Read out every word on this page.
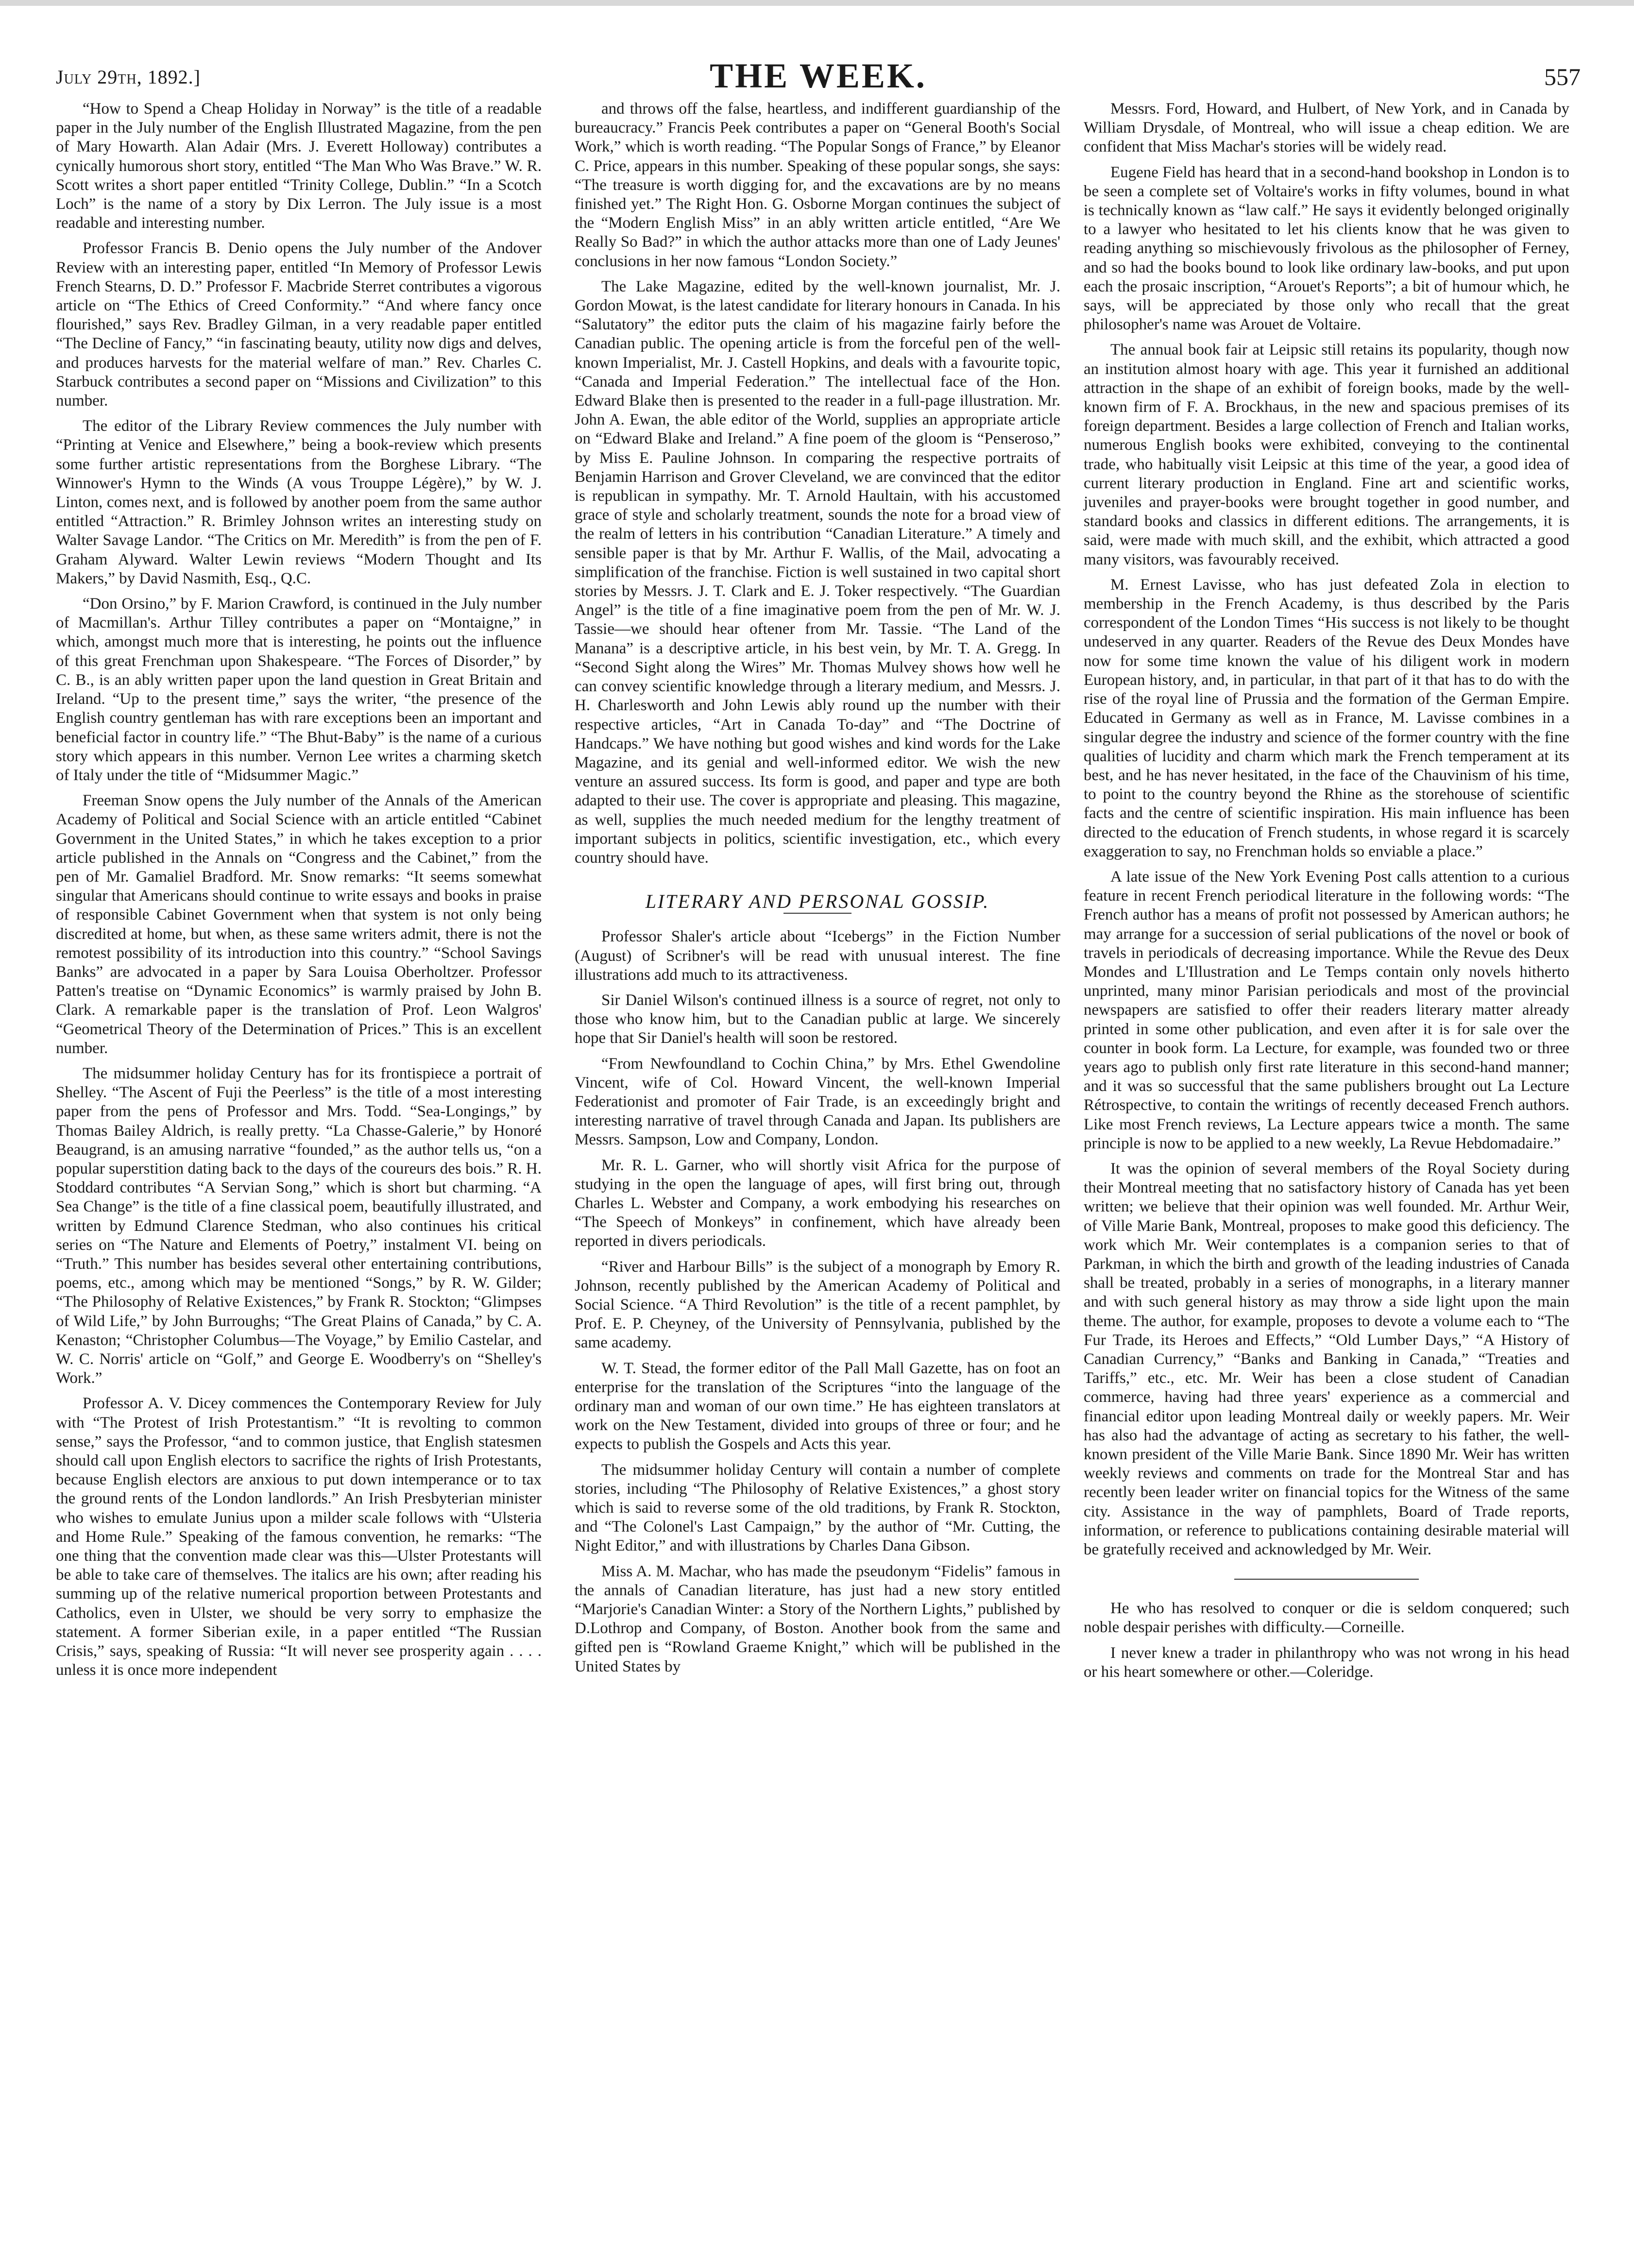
July 29th, 1892.]	THE WEEK.	557

“How to Spend a Cheap Holiday in Norway” is the title of a readable paper in the July number of the English Illustrated Magazine, from the pen of Mary Howarth. Alan Adair (Mrs. J. Everett Holloway) contributes a cynically humorous short story, entitled “The Man Who Was Brave.” W. R. Scott writes a short paper entitled “Trinity College, Dublin.” “In a Scotch Loch” is the name of a story by Dix Lerron. The July issue is a most readable and interesting number.

Professor Francis B. Denio opens the July number of the Andover Review with an interesting paper, entitled “In Memory of Professor Lewis French Stearns, D. D.” Professor F. Macbride Sterret contributes a vigorous article on “The Ethics of Creed Conformity.” “And where fancy once flourished,” says Rev. Bradley Gilman, in a very readable paper entitled “The Decline of Fancy,” “in fascinating beauty, utility now digs and delves, and produces harvests for the material welfare of man.” Rev. Charles C. Starbuck contributes a second paper on “Missions and Civilization” to this number.

The editor of the Library Review commences the July number with “Printing at Venice and Elsewhere,” being a book-review which presents some further artistic representations from the Borghese Library. “The Winnower's Hymn to the Winds (A vous Trouppe Légère),” by W. J. Linton, comes next, and is followed by another poem from the same author entitled “Attraction.” R. Brimley Johnson writes an interesting study on Walter Savage Landor. “The Critics on Mr. Meredith” is from the pen of F. Graham Alyward. Walter Lewin reviews “Modern Thought and Its Makers,” by David Nasmith, Esq., Q.C.

“Don Orsino,” by F. Marion Crawford, is continued in the July number of Macmillan's. Arthur Tilley contributes a paper on “Montaigne,” in which, amongst much more that is interesting, he points out the influence of this great Frenchman upon Shakespeare. “The Forces of Disorder,” by C. B., is an ably written paper upon the land question in Great Britain and Ireland. “Up to the present time,” says the writer, “the presence of the English country gentleman has with rare exceptions been an important and beneficial factor in country life.” “The Bhut-Baby” is the name of a curious story which appears in this number. Vernon Lee writes a charming sketch of Italy under the title of “Midsummer Magic.”

Freeman Snow opens the July number of the Annals of the American Academy of Political and Social Science with an article entitled “Cabinet Government in the United States,” in which he takes exception to a prior article published in the Annals on “Congress and the Cabinet,” from the pen of Mr. Gamaliel Bradford. Mr. Snow remarks: “It seems somewhat singular that Americans should continue to write essays and books in praise of responsible Cabinet Government when that system is not only being discredited at home, but when, as these same writers admit, there is not the remotest possibility of its introduction into this country.” “School Savings Banks” are advocated in a paper by Sara Louisa Oberholtzer. Professor Patten's treatise on “Dynamic Economics” is warmly praised by John B. Clark. A remarkable paper is the translation of Prof. Leon Walgros' “Geometrical Theory of the Determination of Prices.” This is an excellent number.

The midsummer holiday Century has for its frontispiece a portrait of Shelley. “The Ascent of Fuji the Peerless” is the title of a most interesting paper from the pens of Professor and Mrs. Todd. “Sea-Longings,” by Thomas Bailey Aldrich, is really pretty. “La Chasse-Galerie,” by Honoré Beaugrand, is an amusing narrative “founded,” as the author tells us, “on a popular superstition dating back to the days of the coureurs des bois.” R. H. Stoddard contributes “A Servian Song,” which is short but charming. “A Sea Change” is the title of a fine classical poem, beautifully illustrated, and written by Edmund Clarence Stedman, who also continues his critical series on “The Nature and Elements of Poetry,” instalment VI. being on “Truth.” This number has besides several other entertaining contributions, poems, etc., among which may be mentioned “Songs,” by R. W. Gilder; “The Philosophy of Relative Existences,” by Frank R. Stockton; “Glimpses of Wild Life,” by John Burroughs; “The Great Plains of Canada,” by C. A. Kenaston; “Christopher Columbus—The Voyage,” by Emilio Castelar, and W. C. Norris' article on “Golf,” and George E. Woodberry's on “Shelley's Work.”

Professor A. V. Dicey commences the Contemporary Review for July with “The Protest of Irish Protestantism.” “It is revolting to common sense,” says the Professor, “and to common justice, that English statesmen should call upon English electors to sacrifice the rights of Irish Protestants, because English electors are anxious to put down intemperance or to tax the ground rents of the London landlords.” An Irish Presbyterian minister who wishes to emulate Junius upon a milder scale follows with “Ulsteria and Home Rule.” Speaking of the famous convention, he remarks: “The one thing that the convention made clear was this—Ulster Protestants will be able to take care of themselves. The italics are his own; after reading his summing up of the relative numerical proportion between Protestants and Catholics, even in Ulster, we should be very sorry to emphasize the statement. A former Siberian exile, in a paper entitled “The Russian Crisis,” says, speaking of Russia: “It will never see prosperity again . . . . unless it is once more independent

and throws off the false, heartless, and indifferent guardianship of the bureaucracy.” Francis Peek contributes a paper on “General Booth's Social Work,” which is worth reading. “The Popular Songs of France,” by Eleanor C. Price, appears in this number. Speaking of these popular songs, she says: “The treasure is worth digging for, and the excavations are by no means finished yet.” The Right Hon. G. Osborne Morgan continues the subject of the “Modern English Miss” in an ably written article entitled, “Are We Really So Bad?” in which the author attacks more than one of Lady Jeunes' conclusions in her now famous “London Society.”

The Lake Magazine, edited by the well-known journalist, Mr. J. Gordon Mowat, is the latest candidate for literary honours in Canada. In his “Salutatory” the editor puts the claim of his magazine fairly before the Canadian public. The opening article is from the forceful pen of the well-known Imperialist, Mr. J. Castell Hopkins, and deals with a favourite topic, “Canada and Imperial Federation.” The intellectual face of the Hon. Edward Blake then is presented to the reader in a full-page illustration. Mr. John A. Ewan, the able editor of the World, supplies an appropriate article on “Edward Blake and Ireland.” A fine poem of the gloom is “Penseroso,” by Miss E. Pauline Johnson. In comparing the respective portraits of Benjamin Harrison and Grover Cleveland, we are convinced that the editor is republican in sympathy. Mr. T. Arnold Haultain, with his accustomed grace of style and scholarly treatment, sounds the note for a broad view of the realm of letters in his contribution “Canadian Literature.” A timely and sensible paper is that by Mr. Arthur F. Wallis, of the Mail, advocating a simplification of the franchise. Fiction is well sustained in two capital short stories by Messrs. J. T. Clark and E. J. Toker respectively. “The Guardian Angel” is the title of a fine imaginative poem from the pen of Mr. W. J. Tassie—we should hear oftener from Mr. Tassie. “The Land of the Manana” is a descriptive article, in his best vein, by Mr. T. A. Gregg. In “Second Sight along the Wires” Mr. Thomas Mulvey shows how well he can convey scientific knowledge through a literary medium, and Messrs. J. H. Charlesworth and John Lewis ably round up the number with their respective articles, “Art in Canada To-day” and “The Doctrine of Handcaps.” We have nothing but good wishes and kind words for the Lake Magazine, and its genial and well-informed editor. We wish the new venture an assured success. Its form is good, and paper and type are both adapted to their use. The cover is appropriate and pleasing. This magazine, as well, supplies the much needed medium for the lengthy treatment of important subjects in politics, scientific investigation, etc., which every country should have.

LITERARY AND PERSONAL GOSSIP.

Professor Shaler's article about “Icebergs” in the Fiction Number (August) of Scribner's will be read with unusual interest. The fine illustrations add much to its attractiveness.

Sir Daniel Wilson's continued illness is a source of regret, not only to those who know him, but to the Canadian public at large. We sincerely hope that Sir Daniel's health will soon be restored.

“From Newfoundland to Cochin China,” by Mrs. Ethel Gwendoline Vincent, wife of Col. Howard Vincent, the well-known Imperial Federationist and promoter of Fair Trade, is an exceedingly bright and interesting narrative of travel through Canada and Japan. Its publishers are Messrs. Sampson, Low and Company, London.

Mr. R. L. Garner, who will shortly visit Africa for the purpose of studying in the open the language of apes, will first bring out, through Charles L. Webster and Company, a work embodying his researches on “The Speech of Monkeys” in confinement, which have already been reported in divers periodicals.

“River and Harbour Bills” is the subject of a monograph by Emory R. Johnson, recently published by the American Academy of Political and Social Science. “A Third Revolution” is the title of a recent pamphlet, by Prof. E. P. Cheyney, of the University of Pennsylvania, published by the same academy.

W. T. Stead, the former editor of the Pall Mall Gazette, has on foot an enterprise for the translation of the Scriptures “into the language of the ordinary man and woman of our own time.” He has eighteen translators at work on the New Testament, divided into groups of three or four; and he expects to publish the Gospels and Acts this year.

The midsummer holiday Century will contain a number of complete stories, including “The Philosophy of Relative Existences,” a ghost story which is said to reverse some of the old traditions, by Frank R. Stockton, and “The Colonel's Last Campaign,” by the author of “Mr. Cutting, the Night Editor,” and with illustrations by Charles Dana Gibson.

Miss A. M. Machar, who has made the pseudonym “Fidelis” famous in the annals of Canadian literature, has just had a new story entitled “Marjorie's Canadian Winter: a Story of the Northern Lights,” published by D.Lothrop and Company, of Boston. Another book from the same and gifted pen is “Rowland Graeme Knight,” which will be published in the United States by

Messrs. Ford, Howard, and Hulbert, of New York, and in Canada by William Drysdale, of Montreal, who will issue a cheap edition. We are confident that Miss Machar's stories will be widely read.

Eugene Field has heard that in a second-hand bookshop in London is to be seen a complete set of Voltaire's works in fifty volumes, bound in what is technically known as “law calf.” He says it evidently belonged originally to a lawyer who hesitated to let his clients know that he was given to reading anything so mischievously frivolous as the philosopher of Ferney, and so had the books bound to look like ordinary law-books, and put upon each the prosaic inscription, “Arouet's Reports”; a bit of humour which, he says, will be appreciated by those only who recall that the great philosopher's name was Arouet de Voltaire.

The annual book fair at Leipsic still retains its popularity, though now an institution almost hoary with age. This year it furnished an additional attraction in the shape of an exhibit of foreign books, made by the well-known firm of F. A. Brockhaus, in the new and spacious premises of its foreign department. Besides a large collection of French and Italian works, numerous English books were exhibited, conveying to the continental trade, who habitually visit Leipsic at this time of the year, a good idea of current literary production in England. Fine art and scientific works, juveniles and prayer-books were brought together in good number, and standard books and classics in different editions. The arrangements, it is said, were made with much skill, and the exhibit, which attracted a good many visitors, was favourably received.

M. Ernest Lavisse, who has just defeated Zola in election to membership in the French Academy, is thus described by the Paris correspondent of the London Times “His success is not likely to be thought undeserved in any quarter. Readers of the Revue des Deux Mondes have now for some time known the value of his diligent work in modern European history, and, in particular, in that part of it that has to do with the rise of the royal line of Prussia and the formation of the German Empire. Educated in Germany as well as in France, M. Lavisse combines in a singular degree the industry and science of the former country with the fine qualities of lucidity and charm which mark the French temperament at its best, and he has never hesitated, in the face of the Chauvinism of his time, to point to the country beyond the Rhine as the storehouse of scientific facts and the centre of scientific inspiration. His main influence has been directed to the education of French students, in whose regard it is scarcely exaggeration to say, no Frenchman holds so enviable a place.”

A late issue of the New York Evening Post calls attention to a curious feature in recent French periodical literature in the following words: “The French author has a means of profit not possessed by American authors; he may arrange for a succession of serial publications of the novel or book of travels in periodicals of decreasing importance. While the Revue des Deux Mondes and L'Illustration and Le Temps contain only novels hitherto unprinted, many minor Parisian periodicals and most of the provincial newspapers are satisfied to offer their readers literary matter already printed in some other publication, and even after it is for sale over the counter in book form. La Lecture, for example, was founded two or three years ago to publish only first rate literature in this second-hand manner; and it was so successful that the same publishers brought out La Lecture Rétrospective, to contain the writings of recently deceased French authors. Like most French reviews, La Lecture appears twice a month. The same principle is now to be applied to a new weekly, La Revue Hebdomadaire.”

It was the opinion of several members of the Royal Society during their Montreal meeting that no satisfactory history of Canada has yet been written; we believe that their opinion was well founded. Mr. Arthur Weir, of Ville Marie Bank, Montreal, proposes to make good this deficiency. The work which Mr. Weir contemplates is a companion series to that of Parkman, in which the birth and growth of the leading industries of Canada shall be treated, probably in a series of monographs, in a literary manner and with such general history as may throw a side light upon the main theme. The author, for example, proposes to devote a volume each to “The Fur Trade, its Heroes and Effects,” “Old Lumber Days,” “A History of Canadian Currency,” “Banks and Banking in Canada,” “Treaties and Tariffs,” etc., etc. Mr. Weir has been a close student of Canadian commerce, having had three years' experience as a commercial and financial editor upon leading Montreal daily or weekly papers. Mr. Weir has also had the advantage of acting as secretary to his father, the well-known president of the Ville Marie Bank. Since 1890 Mr. Weir has written weekly reviews and comments on trade for the Montreal Star and has recently been leader writer on financial topics for the Witness of the same city. Assistance in the way of pamphlets, Board of Trade reports, information, or reference to publications containing desirable material will be gratefully received and acknowledged by Mr. Weir.

He who has resolved to conquer or die is seldom conquered; such noble despair perishes with difficulty.—Corneille.

I never knew a trader in philanthropy who was not wrong in his head or his heart somewhere or other.—Coleridge.
